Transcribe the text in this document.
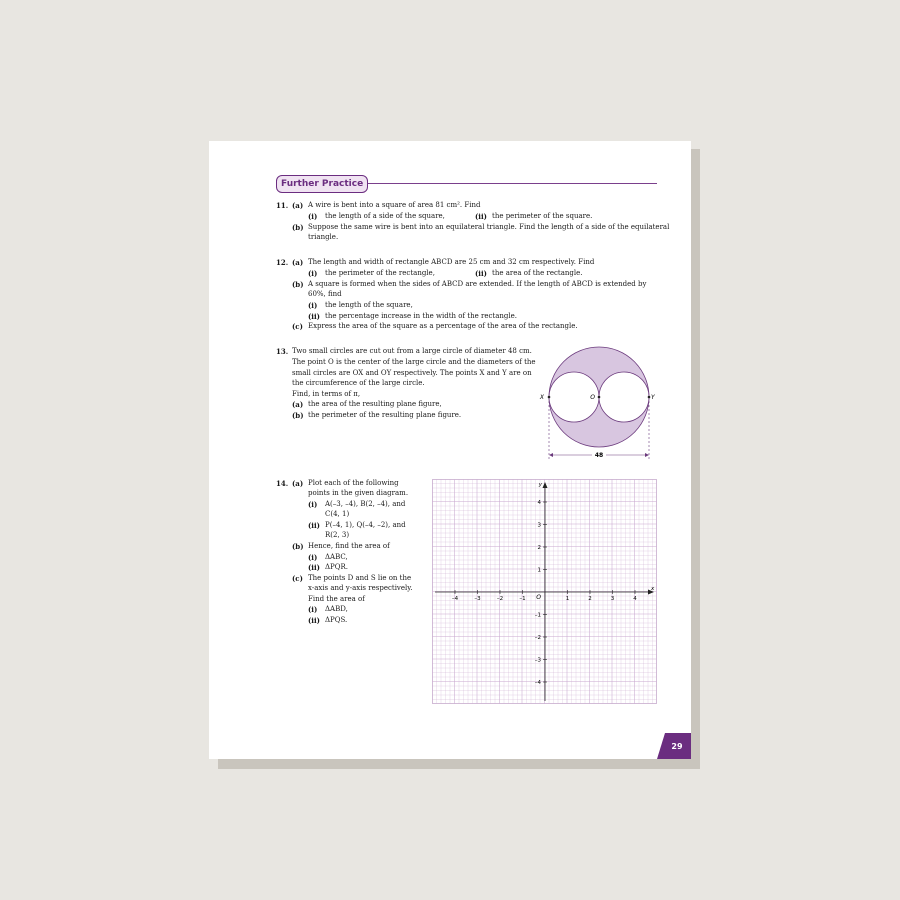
Further Practice
11. (a) A wire is bent into a square of area 81 cm². Find
(i) the length of a side of the square,	(ii) the perimeter of the square.
(b) Suppose the same wire is bent into an equilateral triangle. Find the length of a side of the equilateral
triangle.
12. (a) The length and width of rectangle ABCD are 25 cm and 32 cm respectively. Find
(i) the perimeter of the rectangle,	(ii) the area of the rectangle.
(b) A square is formed when the sides of ABCD are extended. If the length of ABCD is extended by
60%, find
(i) the length of the square,
(ii) the percentage increase in the width of the rectangle.
(c) Express the area of the square as a percentage of the area of the rectangle.
13. Two small circles are cut out from a large circle of diameter 48 cm.
The point O is the center of the large circle and the diameters of the
small circles are OX and OY respectively. The points X and Y are on
the circumference of the large circle.
Find, in terms of π,
(a) the area of the resulting plane figure,
(b) the perimeter of the resulting plane figure.
X	O	Y
48
14. (a) Plot each of the following
points in the given diagram.
(i) A(–3, –4), B(2, –4), and
C(4, 1)
(ii) P(–4, 1), Q(–4, –2), and
R(2, 3)
(b) Hence, find the area of
(i) ΔABC,
(ii) ΔPQR.
(c) The points D and S lie on the
x-axis and y-axis respectively.
Find the area of
(i) ΔABD,
(ii) ΔPQS.
x
y
O
–4	–3	–2	–1	1	2	3	4
4
3
2
1
–1
–2
–3
–4
29
